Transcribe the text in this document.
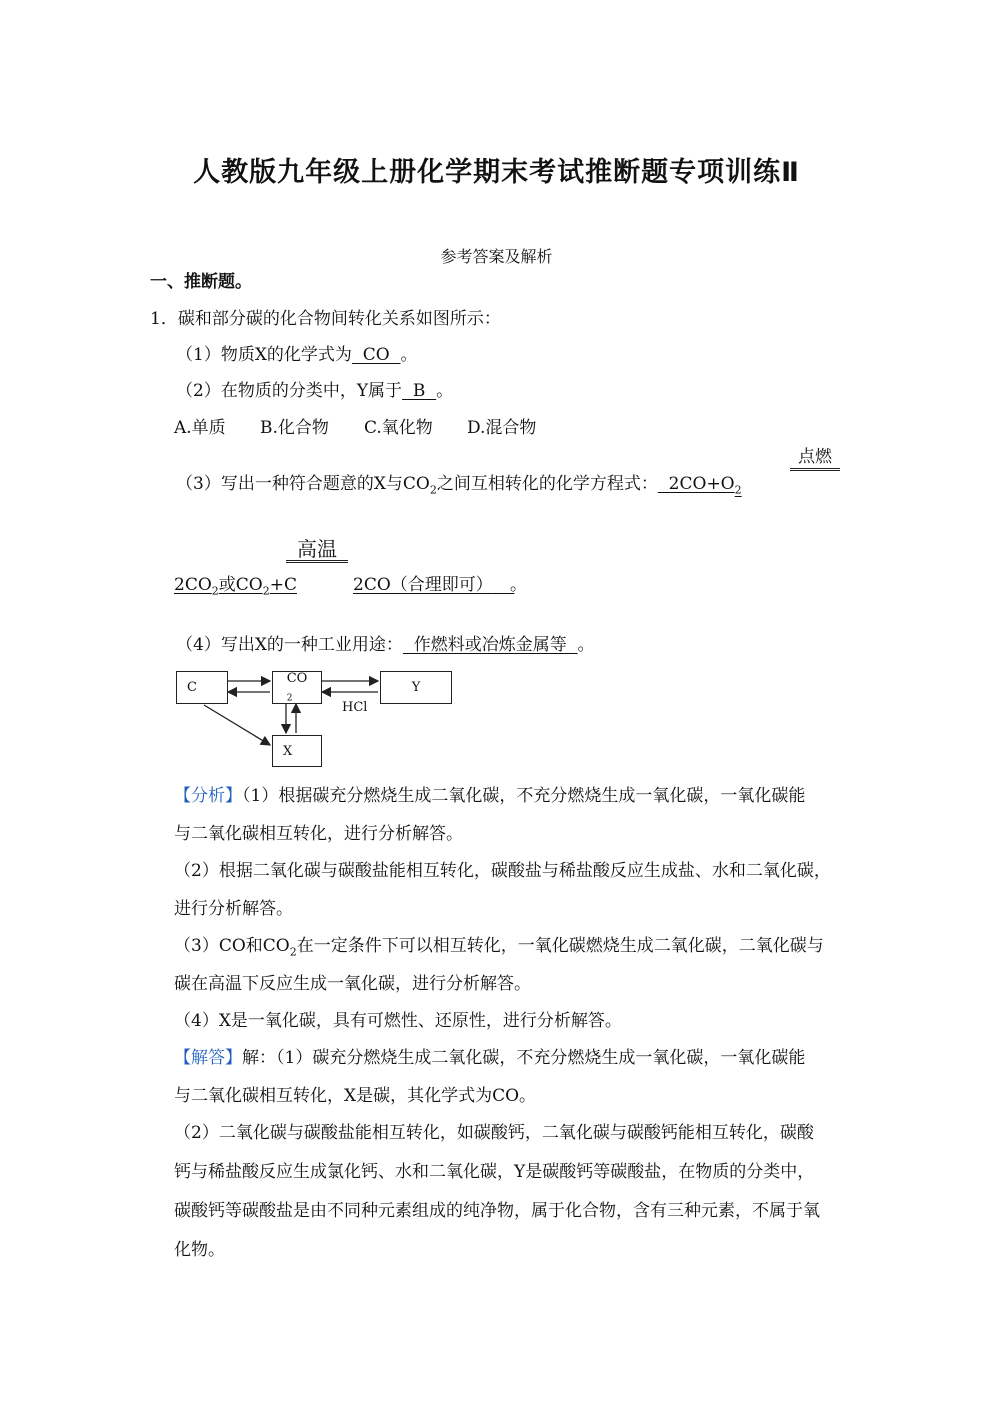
人教版九年级上册化学期末考试推断题专项训练Ⅱ
参考答案及解析
一、推断题。
1．碳和部分碳的化合物间转化关系如图所示：
（1）物质X的化学式为  CO  。
（2）在物质的分类中，Y属于  B  。
A.单质 B.化合物 C.氧化物 D.混合物
点燃
（3）写出一种符合题意的X与$CO_2$之间互相转化的化学方程式：  $2CO+O_2$
高温
$2CO_2$或$CO_2+C$	2CO（合理即可）	。
（4）写出X的一种工业用途：  作燃料或冶炼金属等  。
C
CO
$_2$
Y
X
HCl
【分析】（1）根据碳充分燃烧生成二氧化碳，不充分燃烧生成一氧化碳，一氧化碳能
与二氧化碳相互转化，进行分析解答。
（2）根据二氧化碳与碳酸盐能相互转化，碳酸盐与稀盐酸反应生成盐、水和二氧化碳，
进行分析解答。
（3）CO和$CO_2$在一定条件下可以相互转化，一氧化碳燃烧生成二氧化碳，二氧化碳与
碳在高温下反应生成一氧化碳，进行分析解答。
（4）X是一氧化碳，具有可燃性、还原性，进行分析解答。
【解答】解：（1）碳充分燃烧生成二氧化碳，不充分燃烧生成一氧化碳，一氧化碳能
与二氧化碳相互转化，X是碳，其化学式为CO。
（2）二氧化碳与碳酸盐能相互转化，如碳酸钙，二氧化碳与碳酸钙能相互转化，碳酸
钙与稀盐酸反应生成氯化钙、水和二氧化碳，Y是碳酸钙等碳酸盐，在物质的分类中，
碳酸钙等碳酸盐是由不同种元素组成的纯净物，属于化合物，含有三种元素，不属于氧
化物。
